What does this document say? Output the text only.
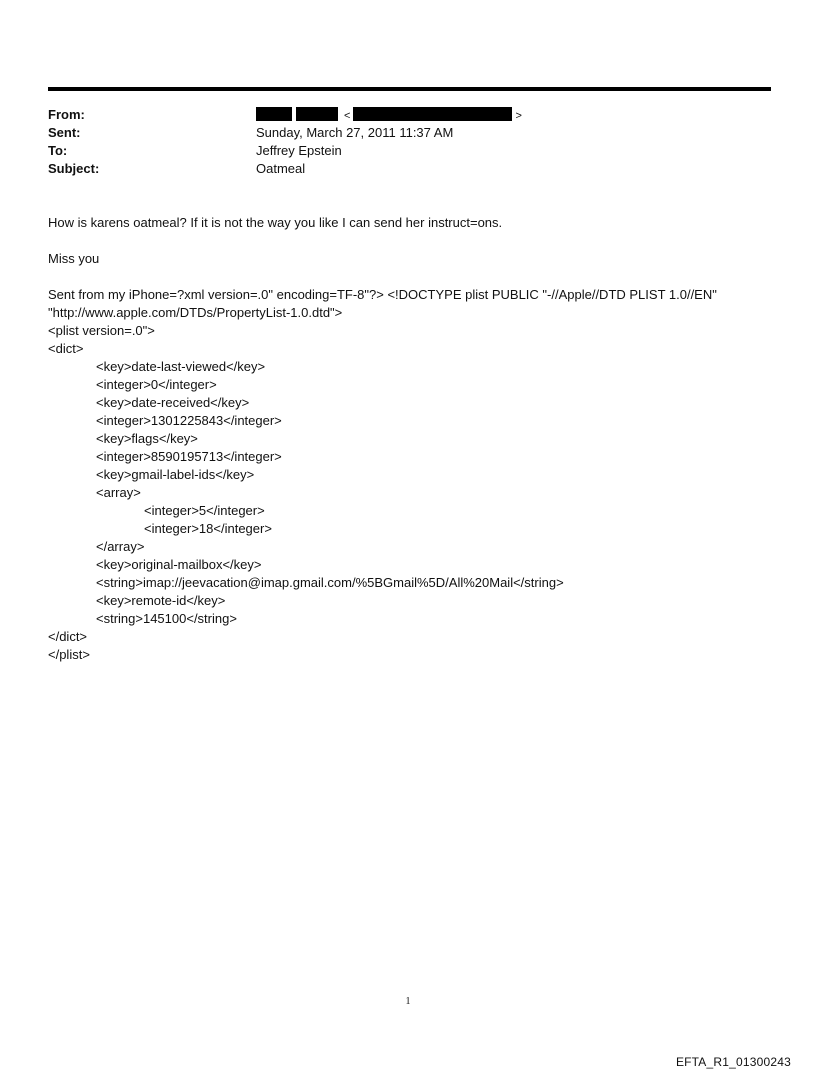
From:	<	>
Sent:	Sunday, March 27, 2011 11:37 AM
To:	Jeffrey Epstein
Subject:	Oatmeal
How is karens oatmeal? If it is not the way you like I can send her instruct=ons.
Miss you
Sent from my iPhone=?xml version=.0" encoding=TF-8"?> <!DOCTYPE plist PUBLIC "-//Apple//DTD PLIST 1.0//EN"
"http://www.apple.com/DTDs/PropertyList-1.0.dtd">
<plist version=.0">
<dict>
<key>date-last-viewed</key>
<integer>0</integer>
<key>date-received</key>
<integer>1301225843</integer>
<key>flags</key>
<integer>8590195713</integer>
<key>gmail-label-ids</key>
<array>
<integer>5</integer>
<integer>18</integer>
</array>
<key>original-mailbox</key>
<string>imap://jeevacation@imap.gmail.com/%5BGmail%5D/All%20Mail</string>
<key>remote-id</key>
<string>145100</string>
</dict>
</plist>
1
EFTA_R1_01300243
